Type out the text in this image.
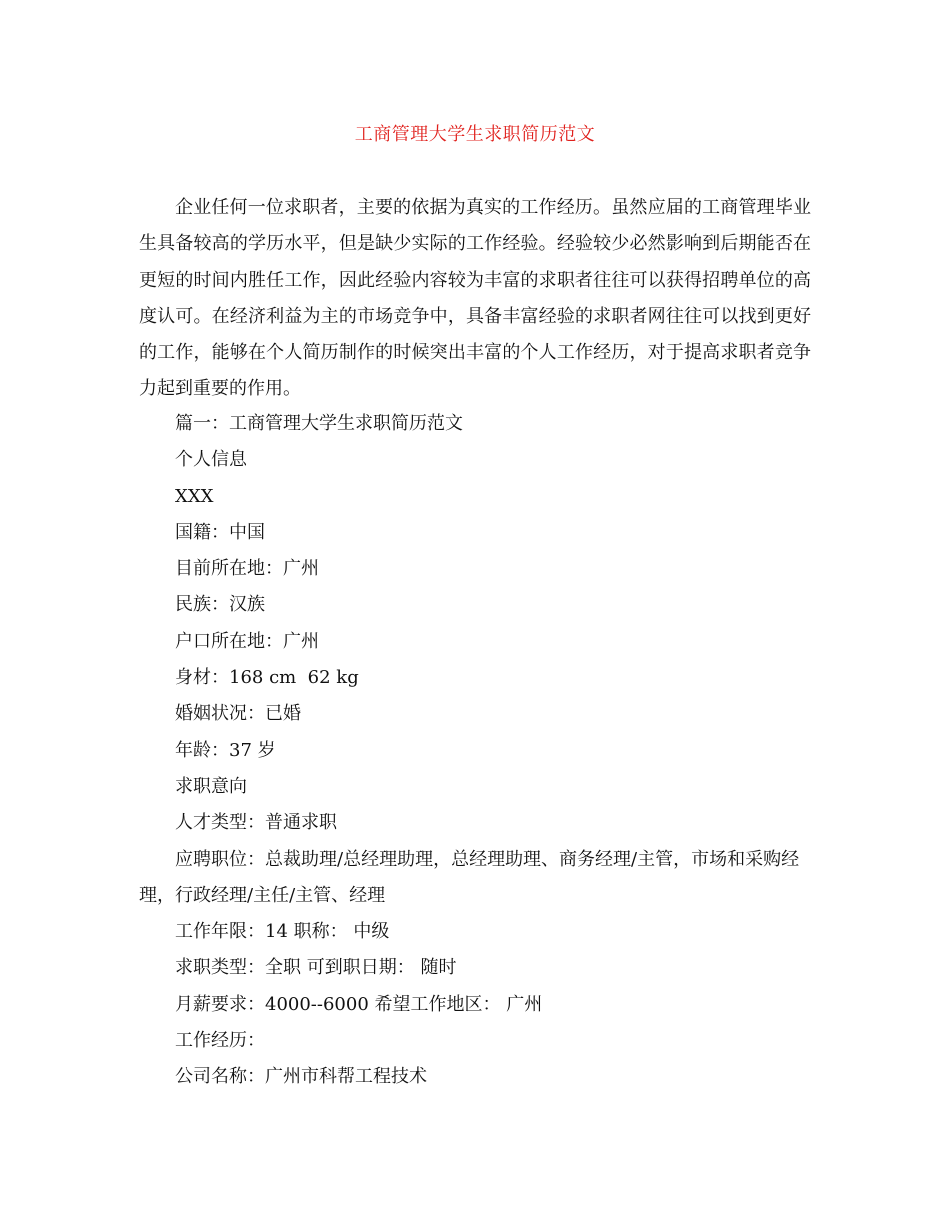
工商管理大学生求职简历范文

企业任何一位求职者，主要的依据为真实的工作经历。虽然应届的工商管理毕业生具备较高的学历水平，但是缺少实际的工作经验。经验较少必然影响到后期能否在更短的时间内胜任工作，因此经验内容较为丰富的求职者往往可以获得招聘单位的高度认可。在经济利益为主的市场竞争中，具备丰富经验的求职者网往往可以找到更好的工作，能够在个人简历制作的时候突出丰富的个人工作经历，对于提高求职者竞争力起到重要的作用。

篇一：工商管理大学生求职简历范文

个人信息

XXX

国籍：中国

目前所在地：广州

民族：汉族

户口所在地：广州

身材：168 cm  62 kg

婚姻状况：已婚

年龄：37 岁

求职意向

人才类型：普通求职

应聘职位：总裁助理/总经理助理，总经理助理、商务经理/主管，市场和采购经理，行政经理/主任/主管、经理

工作年限：14 职称： 中级

求职类型：全职 可到职日期： 随时

月薪要求：4000--6000 希望工作地区： 广州

工作经历：

公司名称：广州市科帮工程技术
